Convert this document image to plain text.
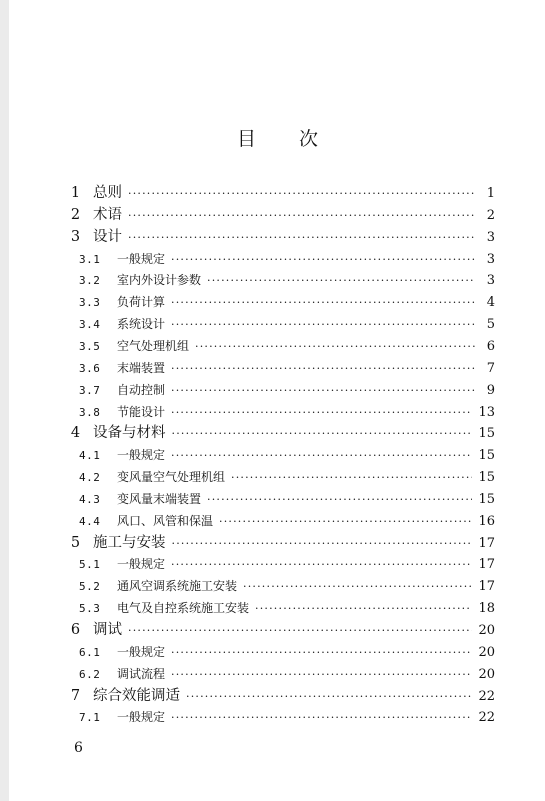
目 次
1 总则 ·····	1
2 术语 ·····	2
3 设计 ·····	3
3.1	一般规定 ·····	3
3.2	室内外设计参数 ·····	3
3.3	负荷计算 ·····	4
3.4	系统设计 ·····	5
3.5	空气处理机组 ·····	6
3.6	末端装置 ·····	7
3.7	自动控制 ·····	9
3.8	节能设计 ·····	13
4 设备与材料 ·····	15
4.1	一般规定 ·····	15
4.2	变风量空气处理机组 ·····	15
4.3	变风量末端装置 ·····	15
4.4	风口、风管和保温 ·····	16
5 施工与安装 ·····	17
5.1	一般规定 ·····	17
5.2	通风空调系统施工安装 ·····	17
5.3	电气及自控系统施工安装 ·····	18
6 调试 ·····	20
6.1	一般规定 ·····	20
6.2	调试流程 ·····	20
7 综合效能调适 ·····	22
7.1	一般规定 ·····	22
6
